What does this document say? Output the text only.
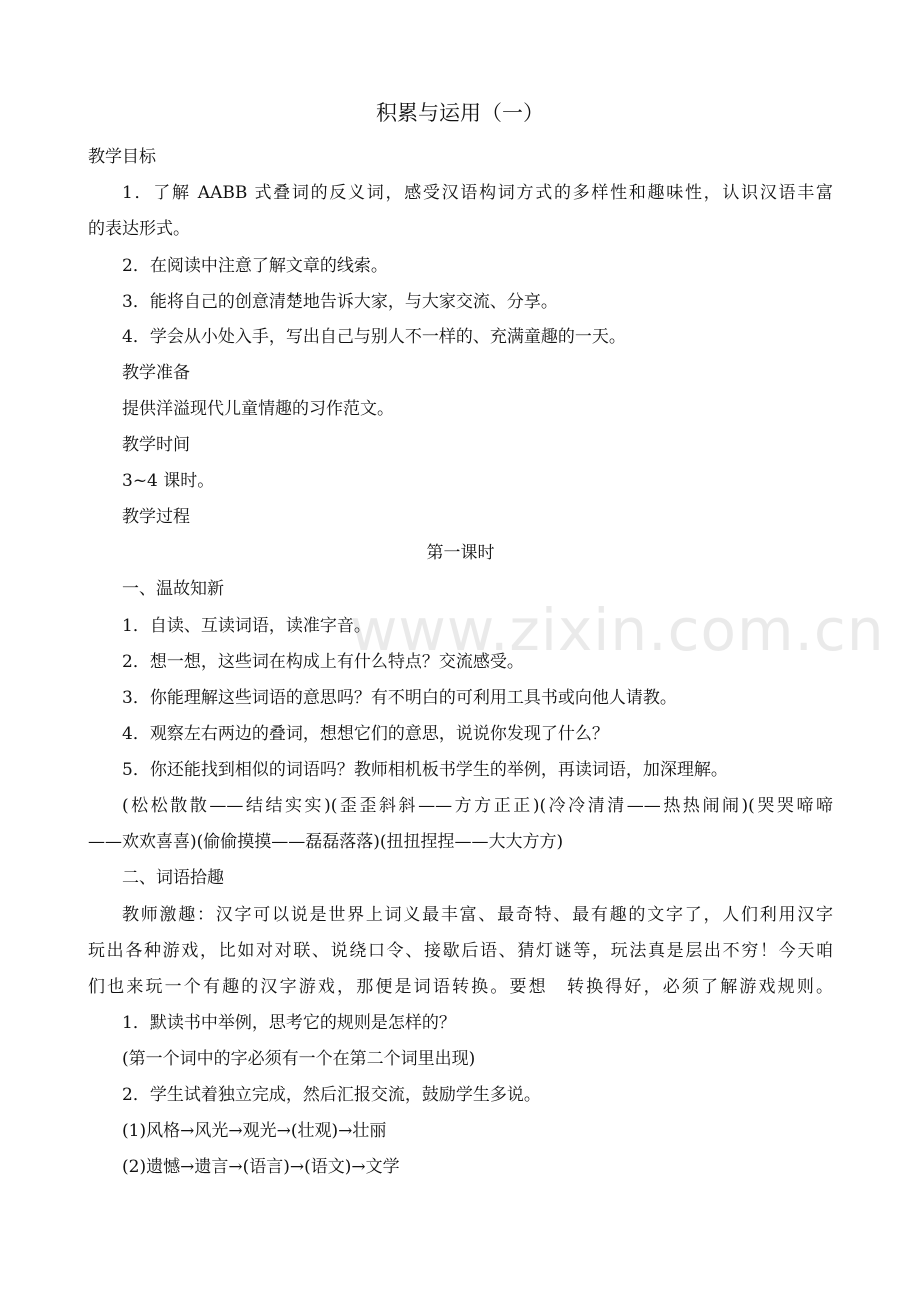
www.zixin.com.cn
积累与运用（一）
教学目标
1．了解 AABB 式叠词的反义词，感受汉语构词方式的多样性和趣味性，认识汉语丰富
的表达形式。
2．在阅读中注意了解文章的线索。
3．能将自己的创意清楚地告诉大家，与大家交流、分享。
4．学会从小处入手，写出自己与别人不一样的、充满童趣的一天。
教学准备
提供洋溢现代儿童情趣的习作范文。
教学时间
3~4 课时。
教学过程
第一课时
一、温故知新
1．自读、互读词语，读准字音。
2．想一想，这些词在构成上有什么特点？交流感受。
3．你能理解这些词语的意思吗？有不明白的可利用工具书或向他人请教。
4．观察左右两边的叠词，想想它们的意思，说说你发现了什么？
5．你还能找到相似的词语吗？教师相机板书学生的举例，再读词语，加深理解。
(松松散散——结结实实)(歪歪斜斜——方方正正)(冷冷清清——热热闹闹)(哭哭啼啼
——欢欢喜喜)(偷偷摸摸——磊磊落落)(扭扭捏捏——大大方方)
二、词语拾趣
教师激趣：汉字可以说是世界上词义最丰富、最奇特、最有趣的文字了，人们利用汉字
玩出各种游戏，比如对对联、说绕口令、接歇后语、猜灯谜等，玩法真是层出不穷！今天咱
们也来玩一个有趣的汉字游戏，那便是词语转换。要想　转换得好，必须了解游戏规则。
1．默读书中举例，思考它的规则是怎样的？
(第一个词中的字必须有一个在第二个词里出现)
2．学生试着独立完成，然后汇报交流，鼓励学生多说。
(1)风格→风光→观光→(壮观)→壮丽
(2)遗憾→遗言→(语言)→(语文)→文学
